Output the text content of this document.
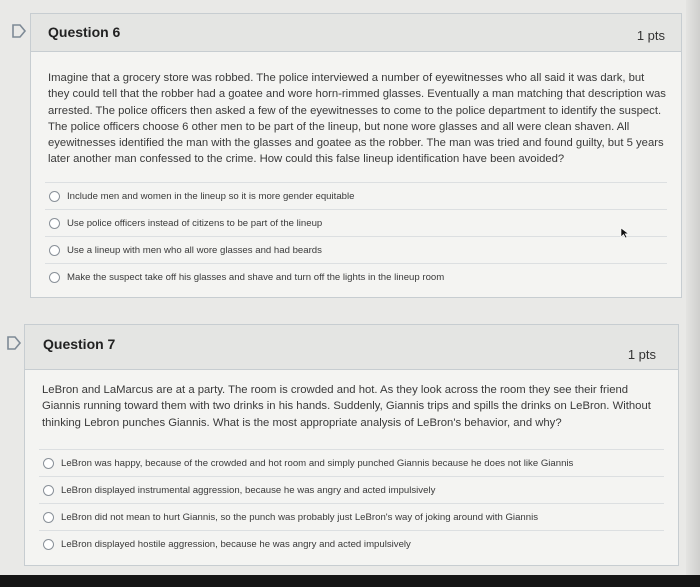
Question 6	1 pts
Imagine that a grocery store was robbed. The police interviewed a number of eyewitnesses who all said it was dark, but they could tell that the robber had a goatee and wore horn-rimmed glasses. Eventually a man matching that description was arrested. The police officers then asked a few of the eyewitnesses to come to the police department to identify the suspect. The police officers choose 6 other men to be part of the lineup, but none wore glasses and all were clean shaven. All eyewitnesses identified the man with the glasses and goatee as the robber. The man was tried and found guilty, but 5 years later another man confessed to the crime. How could this false lineup identification have been avoided?
Include men and women in the lineup so it is more gender equitable
Use police officers instead of citizens to be part of the lineup
Use a lineup with men who all wore glasses and had beards
Make the suspect take off his glasses and shave and turn off the lights in the lineup room
Question 7
1 pts
LeBron and LaMarcus are at a party. The room is crowded and hot. As they look across the room they see their friend Giannis running toward them with two drinks in his hands. Suddenly, Giannis trips and spills the drinks on LeBron. Without thinking Lebron punches Giannis. What is the most appropriate analysis of LeBron's behavior, and why?
LeBron was happy, because of the crowded and hot room and simply punched Giannis because he does not like Giannis
LeBron displayed instrumental aggression, because he was angry and acted impulsively
LeBron did not mean to hurt Giannis, so the punch was probably just LeBron's way of joking around with Giannis
LeBron displayed hostile aggression, because he was angry and acted impulsively
